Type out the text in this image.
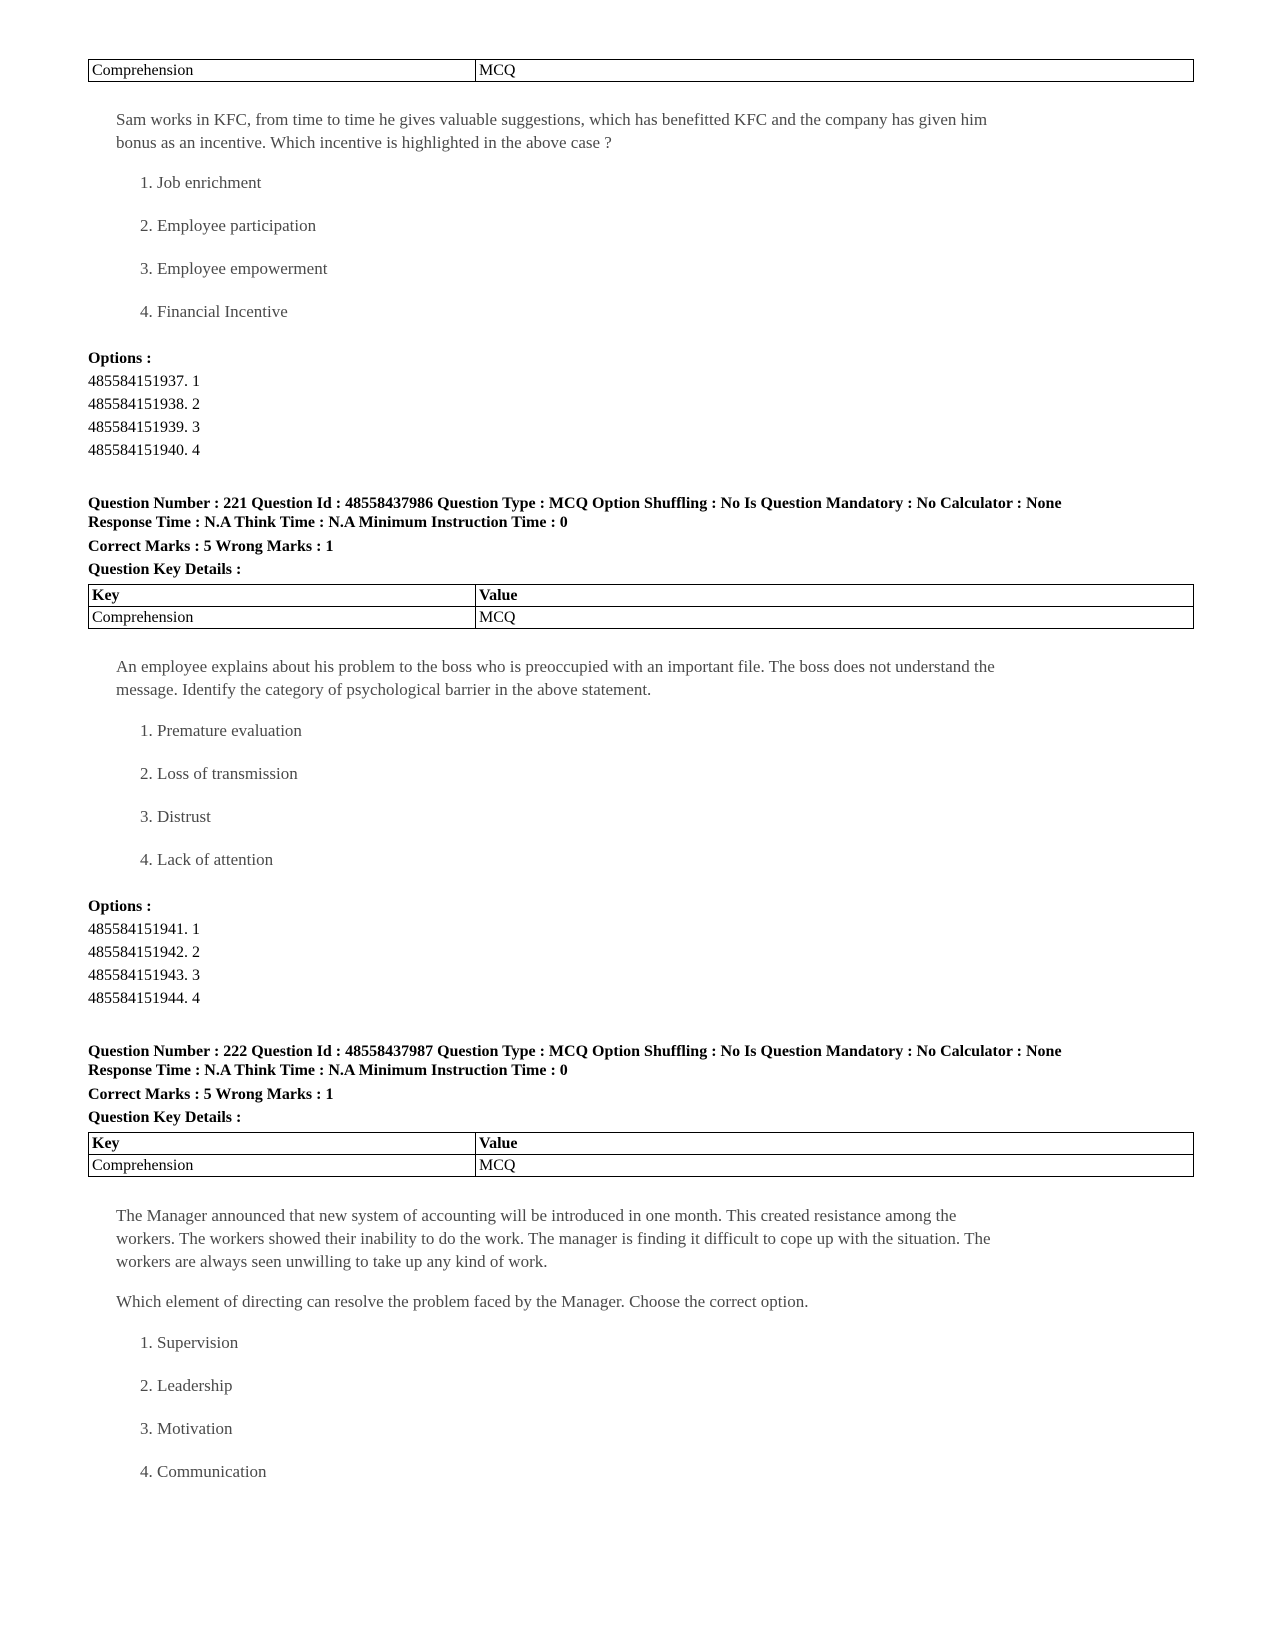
Comprehension	MCQ
Sam works in KFC, from time to time he gives valuable suggestions, which has benefitted KFC and the company has given him bonus as an incentive. Which incentive is highlighted in the above case ?
1. Job enrichment
2. Employee participation
3. Employee empowerment
4. Financial Incentive
Options :
485584151937. 1
485584151938. 2
485584151939. 3
485584151940. 4
Question Number : 221 Question Id : 48558437986 Question Type : MCQ Option Shuffling : No Is Question Mandatory : No Calculator : None
Response Time : N.A Think Time : N.A Minimum Instruction Time : 0
Correct Marks : 5 Wrong Marks : 1
Question Key Details :
Key	Value
Comprehension	MCQ
An employee explains about his problem to the boss who is preoccupied with an important file. The boss does not understand the message. Identify the category of psychological barrier in the above statement.
1. Premature evaluation
2. Loss of transmission
3. Distrust
4. Lack of attention
Options :
485584151941. 1
485584151942. 2
485584151943. 3
485584151944. 4
Question Number : 222 Question Id : 48558437987 Question Type : MCQ Option Shuffling : No Is Question Mandatory : No Calculator : None
Response Time : N.A Think Time : N.A Minimum Instruction Time : 0
Correct Marks : 5 Wrong Marks : 1
Question Key Details :
Key	Value
Comprehension	MCQ
The Manager announced that new system of accounting will be introduced in one month. This created resistance among the workers. The workers showed their inability to do the work. The manager is finding it difficult to cope up with the situation. The workers are always seen unwilling to take up any kind of work.
Which element of directing can resolve the problem faced by the Manager. Choose the correct option.
1. Supervision
2. Leadership
3. Motivation
4. Communication
